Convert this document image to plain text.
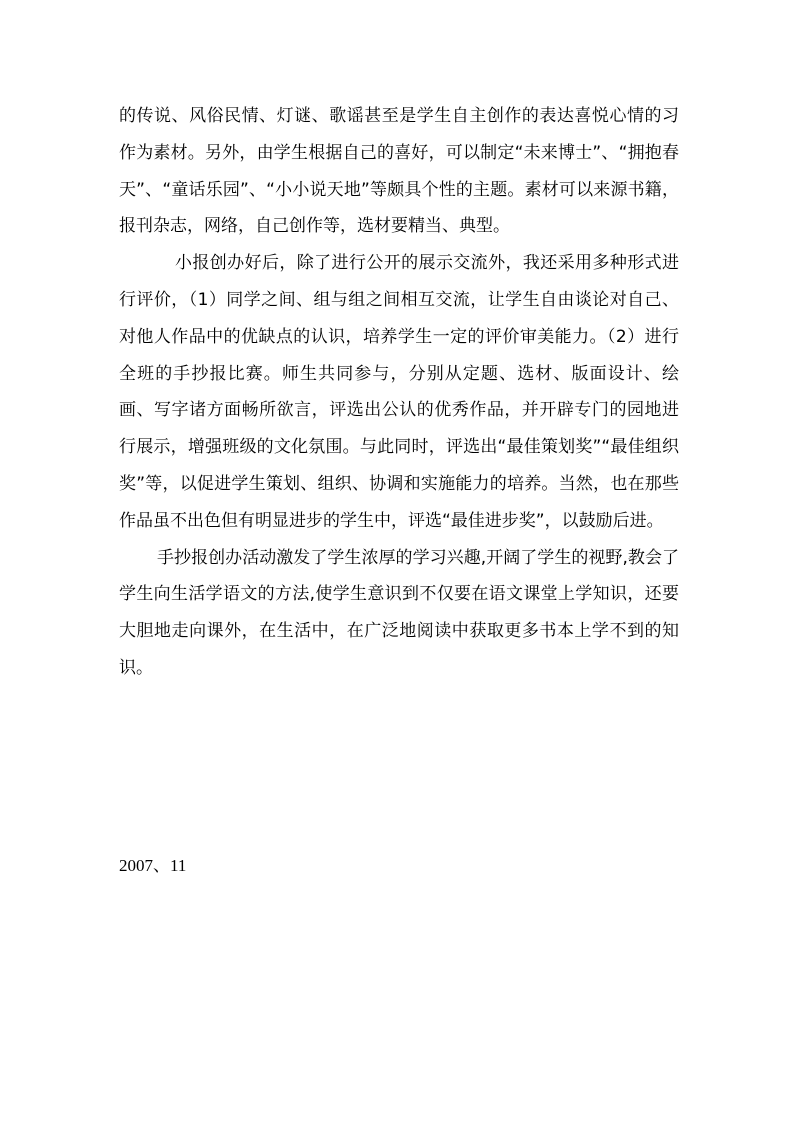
的传说、风俗民情、灯谜、歌谣甚至是学生自主创作的表达喜悦心情的习作为素材。另外，由学生根据自己的喜好，可以制定“未来博士”、“拥抱春天”、“童话乐园”、“小小说天地”等颇具个性的主题。素材可以来源书籍，报刊杂志，网络，自己创作等，选材要精当、典型。

小报创办好后，除了进行公开的展示交流外，我还采用多种形式进行评价，（1）同学之间、组与组之间相互交流，让学生自由谈论对自己、对他人作品中的优缺点的认识，培养学生一定的评价审美能力。（2）进行全班的手抄报比赛。师生共同参与，分别从定题、选材、版面设计、绘画、写字诸方面畅所欲言，评选出公认的优秀作品，并开辟专门的园地进行展示，增强班级的文化氛围。与此同时，评选出“最佳策划奖”“最佳组织奖”等，以促进学生策划、组织、协调和实施能力的培养。当然，也在那些作品虽不出色但有明显进步的学生中，评选“最佳进步奖”，以鼓励后进。

手抄报创办活动激发了学生浓厚的学习兴趣,开阔了学生的视野,教会了学生向生活学语文的方法,使学生意识到不仅要在语文课堂上学知识，还要大胆地走向课外，在生活中，在广泛地阅读中获取更多书本上学不到的知识。

2007、11
